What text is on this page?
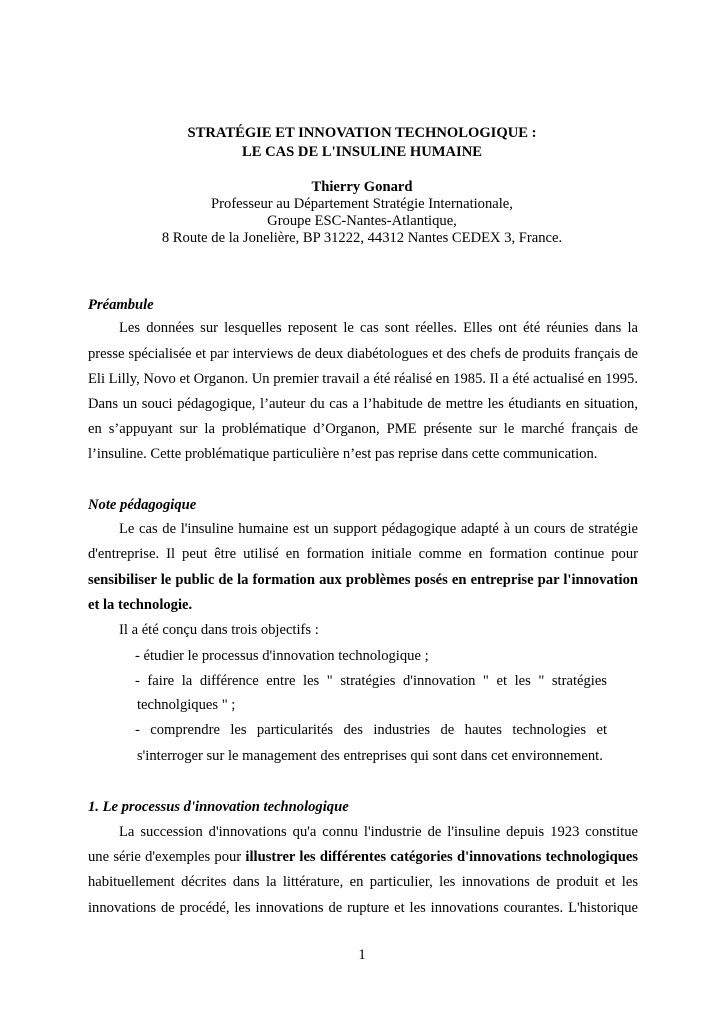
STRATÉGIE ET INNOVATION TECHNOLOGIQUE :
LE CAS DE L'INSULINE HUMAINE
Thierry Gonard
Professeur au Département Stratégie Internationale,
Groupe ESC-Nantes-Atlantique,
8 Route de la Jonelière, BP 31222, 44312 Nantes CEDEX 3, France.
Préambule
Les données sur lesquelles reposent le cas sont réelles. Elles ont été réunies dans la
presse spécialisée et par interviews de deux diabétologues et des chefs de produits français de
Eli Lilly, Novo et Organon. Un premier travail a été réalisé en 1985. Il a été actualisé en 1995.
Dans un souci pédagogique, l’auteur du cas a l’habitude de mettre les étudiants en situation,
en s’appuyant sur la problématique d’Organon, PME présente sur le marché français de
l’insuline. Cette problématique particulière n’est pas reprise dans cette communication.
Note pédagogique
Le cas de l'insuline humaine est un support pédagogique adapté à un cours de stratégie
d'entreprise. Il peut être utilisé en formation initiale comme en formation continue pour
sensibiliser le public de la formation aux problèmes posés en entreprise par l'innovation
et la technologie.
Il a été conçu dans trois objectifs :
- étudier le processus d'innovation technologique ;
- faire la différence entre les " stratégies d'innovation " et les " stratégies
technolgiques " ;
- comprendre les particularités des industries de hautes technologies et
s'interroger sur le management des entreprises qui sont dans cet environnement.
1. Le processus d'innovation technologique
La succession d'innovations qu'a connu l'industrie de l'insuline depuis 1923 constitue
une série d'exemples pour illustrer les différentes catégories d'innovations technologiques
habituellement décrites dans la littérature, en particulier, les innovations de produit et les
innovations de procédé, les innovations de rupture et les innovations courantes. L'historique
1
